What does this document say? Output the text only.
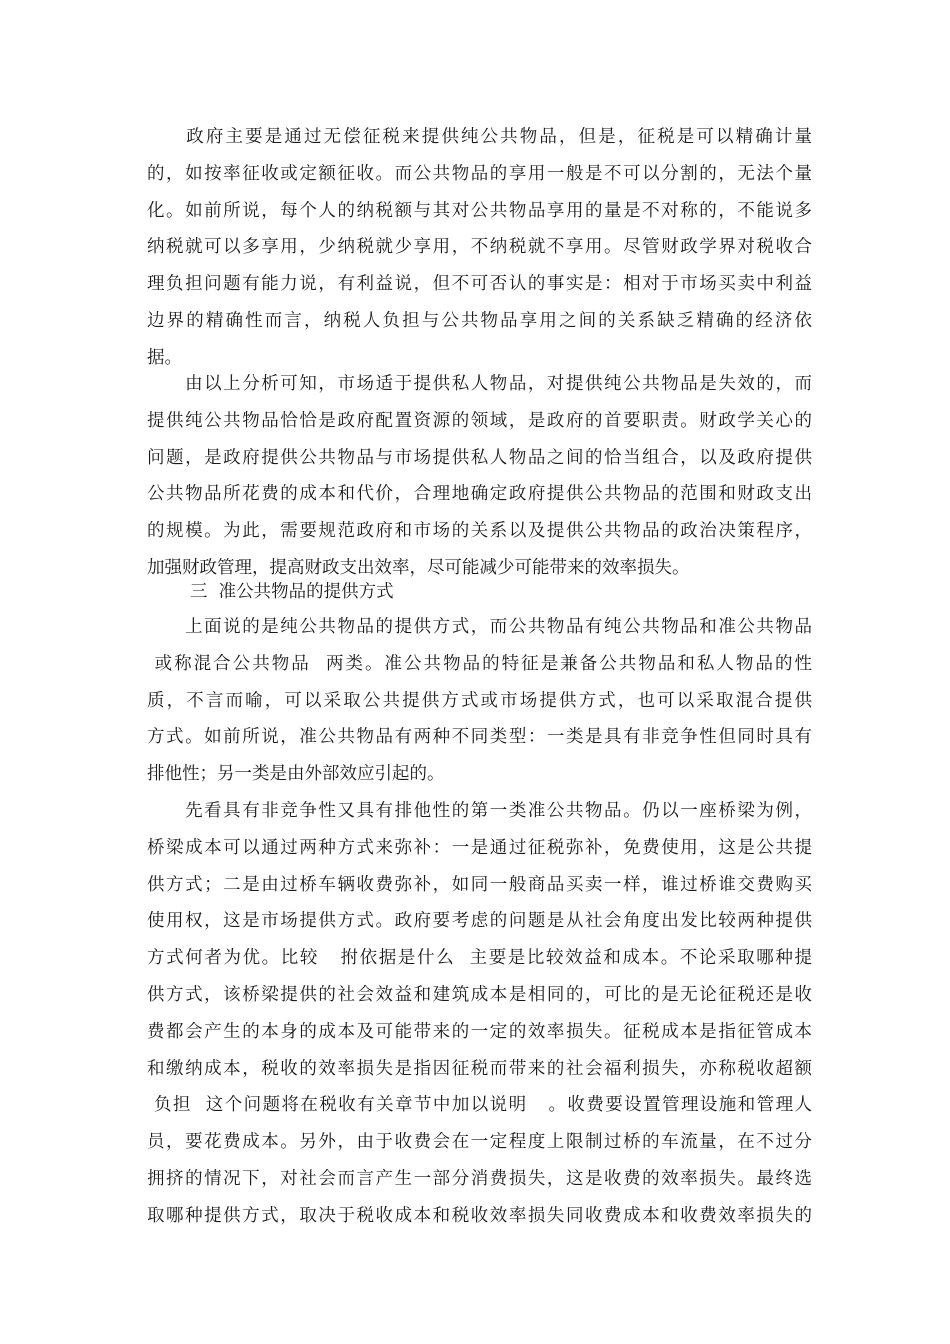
　　政府主要是通过无偿征税来提供纯公共物品，但是，征税是可以精确计量
的，如按率征收或定额征收。而公共物品的享用一般是不可以分割的，无法个量
化。如前所说，每个人的纳税额与其对公共物品享用的量是不对称的，不能说多
纳税就可以多享用，少纳税就少享用，不纳税就不享用。尽管财政学界对税收合
理负担问题有能力说，有利益说，但不可否认的事实是：相对于市场买卖中利益
边界的精确性而言，纳税人负担与公共物品享用之间的关系缺乏精确的经济依
据。
　　由以上分析可知，市场适于提供私人物品，对提供纯公共物品是失效的，而
提供纯公共物品恰恰是政府配置资源的领域，是政府的首要职责。财政学关心的
问题，是政府提供公共物品与市场提供私人物品之间的恰当组合，以及政府提供
公共物品所花费的成本和代价，合理地确定政府提供公共物品的范围和财政支出
的规模。为此，需要规范政府和市场的关系以及提供公共物品的政治决策程序，
加强财政管理，提高财政支出效率，尽可能减少可能带来的效率损失。
三  准公共物品的提供方式
　　上面说的是纯公共物品的提供方式，而公共物品有纯公共物品和准公共物品
或称混合公共物品  两类。准公共物品的特征是兼备公共物品和私人物品的性
质，不言而喻，可以采取公共提供方式或市场提供方式，也可以采取混合提供
方式。如前所说，准公共物品有两种不同类型：一类是具有非竞争性但同时具有
排他性；另一类是由外部效应引起的。
　　先看具有非竞争性又具有排他性的第一类准公共物品。仍以一座桥梁为例，
桥梁成本可以通过两种方式来弥补：一是通过征税弥补，免费使用，这是公共提
供方式；二是由过桥车辆收费弥补，如同一般商品买卖一样，谁过桥谁交费购买
使用权，这是市场提供方式。政府要考虑的问题是从社会角度出发比较两种提供
方式何者为优。比较   拊依据是什么  主要是比较效益和成本。不论采取哪种提
供方式，该桥梁提供的社会效益和建筑成本是相同的，可比的是无论征税还是收
费都会产生的本身的成本及可能带来的一定的效率损失。征税成本是指征管成本
和缴纳成本，税收的效率损失是指因征税而带来的社会福利损失，亦称税收超额
负担  这个问题将在税收有关章节中加以说明   。收费要设置管理设施和管理人
员，要花费成本。另外，由于收费会在一定程度上限制过桥的车流量，在不过分
拥挤的情况下，对社会而言产生一部分消费损失，这是收费的效率损失。最终选
取哪种提供方式，取决于税收成本和税收效率损失同收费成本和收费效率损失的
